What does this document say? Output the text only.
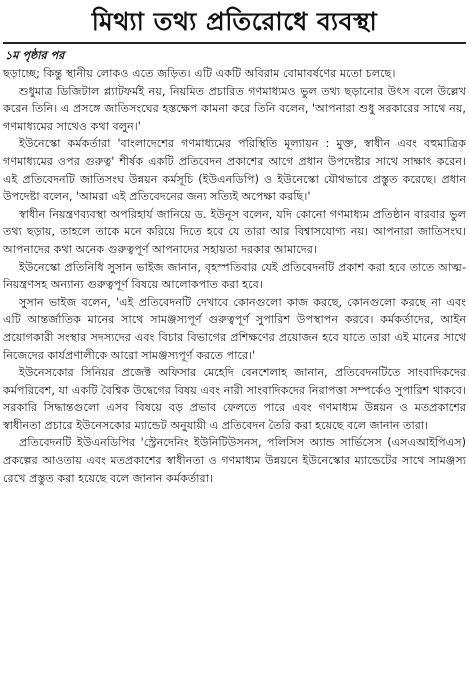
মিথ্যা তথ্য প্রতিরোধে ব্যবস্থা
১ম পৃষ্ঠার পর

ছড়াচ্ছে; কিন্তু স্থানীয় লোকও এতে জড়িত। এটি একটি অবিরাম বোমাবর্ষণের মতো চলছে।

শুধুমাত্র ডিজিটাল প্ল্যাটফর্মই নয়, নিয়মিত প্রচারিত গণমাধ্যমও ভুল তথ্য ছড়ানোর উৎস বলে উল্লেখ করেন তিনি। এ প্রসঙ্গে জাতিসংঘের হস্তক্ষেপ কামনা করে তিনি বলেন, 'আপনারা শুধু সরকারের সাথে নয়, গণমাধ্যমের সাথেও কথা বলুন।'

ইউনেস্কো কর্মকর্তারা 'বাংলাদেশের গণমাধ্যমের পরিস্থিতি মূল্যায়ন : মুক্ত, স্বাধীন এবং বহুমাত্রিক গণমাধ্যমের ওপর গুরুত্ব' শীর্ষক একটি প্রতিবেদন প্রকাশের আগে প্রধান উপদেষ্টার সাথে সাক্ষাৎ করেন। এই প্রতিবেদনটি জাতিসংঘ উন্নয়ন কর্মসূচি (ইউএনডিপি) ও ইউনেস্কো যৌথভাবে প্রস্তুত করেছে। প্রধান উপদেষ্টা বলেন, 'আমরা এই প্রতিবেদনের জন্য সত্যিই অপেক্ষা করছি।'

স্বাধীন নিয়ন্ত্রণব্যবস্থা অপরিহার্য জানিয়ে ড. ইউনূস বলেন, যদি কোনো গণমাধ্যম প্রতিষ্ঠান বারবার ভুল তথ্য ছড়ায়, তাহলে তাকে মনে করিয়ে দিতে হবে যে তারা আর বিশ্বাসযোগ্য নয়। আপনারা জাতিসংঘ। আপনাদের কথা অনেক গুরুত্বপূর্ণ আপনাদের সহায়তা দরকার আমাদের।

ইউনেস্কো প্রতিনিধি সুসান ভাইজ জানান, বৃহস্পতিবার যেই প্রতিবেদনটি প্রকাশ করা হবে তাতে আত্ম-নিয়ন্ত্রণসহ অন্যান্য গুরুত্বপূর্ণ বিষয়ে আলোকপাত করা হবে।

সুসান ভাইজ বলেন, 'এই প্রতিবেদনটি দেখাবে কোনগুলো কাজ করছে, কোনগুলো করছে না এবং এটি আন্তর্জাতিক মানের সাথে সামঞ্জস্যপূর্ণ গুরুত্বপূর্ণ সুপারিশ উপস্থাপন করবে। কর্মকর্তাদের, আইন প্রয়োগকারী সংস্থার সদস্যদের এবং বিচার বিভাগের প্রশিক্ষণের প্রয়োজন হবে যাতে তারা এই মানের সাথে নিজেদের কার্যপ্রণালীকে আরো সামঞ্জস্যপূর্ণ করতে পারে।'

ইউনেসকোর সিনিয়র প্রজেক্ট অফিসার মেহেদি বেনশেলাহ জানান, প্রতিবেদনটিতে সাংবাদিকদের কর্মপরিবেশ, যা একটি বৈশ্বিক উদ্বেগের বিষয় এবং নারী সাংবাদিকদের নিরাপত্তা সম্পর্কেও সুপারিশ থাকবে। সরকারি সিদ্ধান্তগুলো এসব বিষয়ে বড় প্রভাব ফেলতে পারে এবং গণমাধ্যম উন্নয়ন ও মতপ্রকাশের স্বাধীনতা প্রচারে ইউনেসকোর ম্যান্ডেট অনুযায়ী এ প্রতিবেদন তৈরি করা হয়েছে বলে জানান তারা।

প্রতিবেদনটি ইউএনডিপির 'স্ট্রেনদেনিং ইউনিটিউসনস, পলিসিস অ্যান্ড সার্ভিসেস (এসএআইপিএস) প্রকল্পের আওতায় এবং মতপ্রকাশের স্বাধীনতা ও গণমাধ্যম উন্নয়নে ইউনেস্কোর ম্যান্ডেটের সাথে সামঞ্জস্য রেখে প্রস্তুত করা হয়েছে বলে জানান কর্মকর্তারা।
